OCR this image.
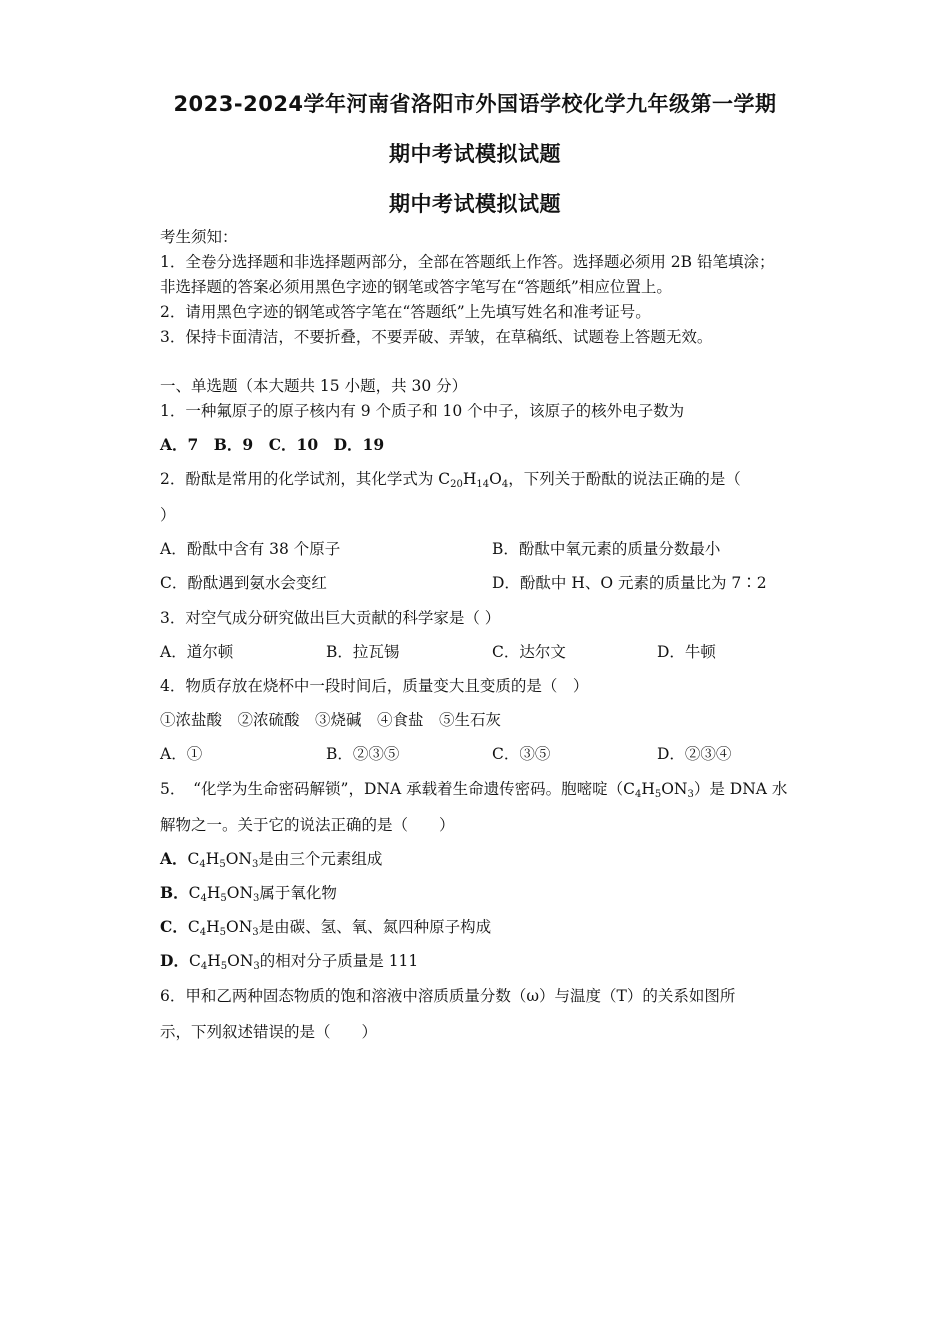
2023-2024学年河南省洛阳市外国语学校化学九年级第一学期
期中考试模拟试题
期中考试模拟试题
考生须知：
1．全卷分选择题和非选择题两部分，全部在答题纸上作答。选择题必须用 2B 铅笔填涂；
非选择题的答案必须用黑色字迹的钢笔或答字笔写在“答题纸”相应位置上。
2．请用黑色字迹的钢笔或答字笔在“答题纸”上先填写姓名和准考证号。
3．保持卡面清洁，不要折叠，不要弄破、弄皱，在草稿纸、试题卷上答题无效。
一、单选题（本大题共 15 小题，共 30 分）
1．一种氟原子的原子核内有 9 个质子和 10 个中子，该原子的核外电子数为
A．7　B．9　C．10　D．19
2．酚酞是常用的化学试剂，其化学式为 $C_{20}H_{14}O_4$，下列关于酚酞的说法正确的是（
）
A．酚酞中含有 38 个原子	B．酚酞中氧元素的质量分数最小
C．酚酞遇到氨水会变红	D．酚酞中 H、O 元素的质量比为 7∶2
3．对空气成分研究做出巨大贡献的科学家是（ ）
A．道尔顿	B．拉瓦锡	C．达尔文	D．牛顿
4．物质存放在烧杯中一段时间后，质量变大且变质的是（　）
①浓盐酸　②浓硫酸　③烧碱　④食盐　⑤生石灰
A．①	B．②③⑤	C．③⑤	D．②③④
5．　“化学为生命密码解锁”，DNA 承载着生命遗传密码。胞嘧啶$(C_4H_5ON_3)$是 DNA 水
解物之一。关于它的说法正确的是（　　）
A．$C_4H_5ON_3$是由三个元素组成
B．$C_4H_5ON_3$属于氧化物
C．$C_4H_5ON_3$是由碳、氢、氧、氮四种原子构成
D．$C_4H_5ON_3$的相对分子质量是 111
6．甲和乙两种固态物质的饱和溶液中溶质质量分数（ω）与温度（T）的关系如图所
示，下列叙述错误的是（　　）
